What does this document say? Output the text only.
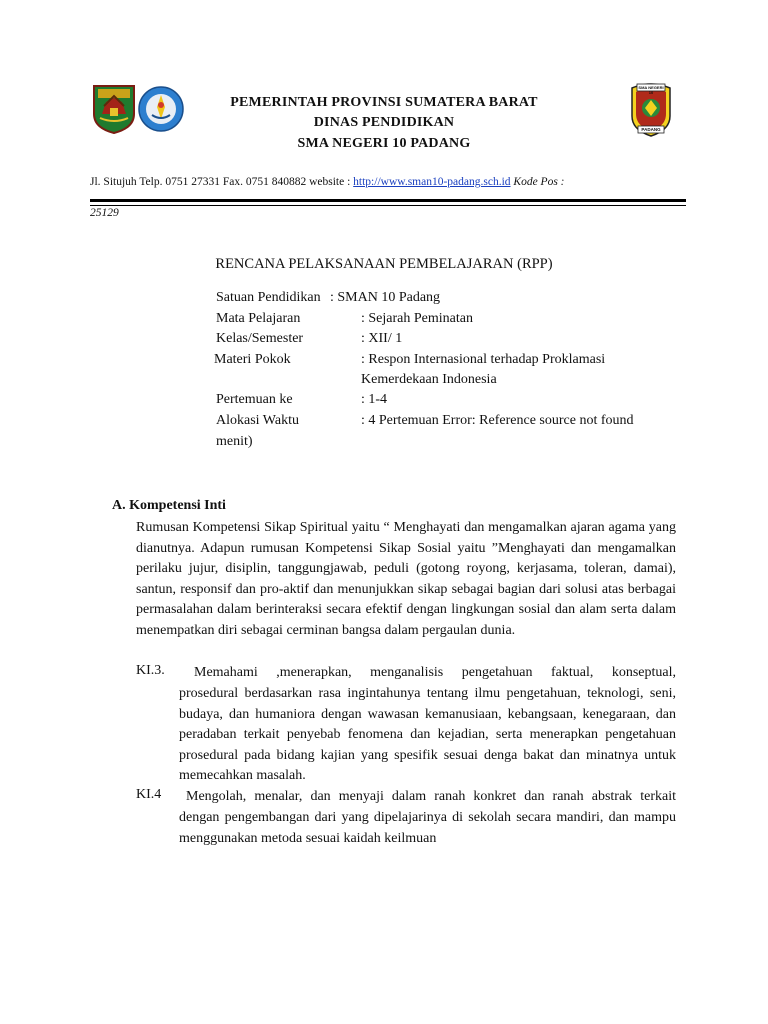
SMA NEGERI 10
PADANG
PEMERINTAH PROVINSI SUMATERA BARAT
DINAS PENDIDIKAN
SMA NEGERI 10 PADANG
Jl. Situjuh Telp. 0751 27331 Fax. 0751 840882 website : http://www.sman10-padang.sch.id Kode Pos :
25129
RENCANA PELAKSANAAN PEMBELAJARAN (RPP)
Satuan Pendidikan : SMAN 10 Padang
Mata Pelajaran	: Sejarah Peminatan
Kelas/Semester	: XII/ 1
Materi Pokok	: Respon Internasional terhadap Proklamasi
Kemerdekaan Indonesia
Pertemuan ke	: 1-4
Alokasi Waktu	: 4 Pertemuan Error: Reference source not found
menit)
A. Kompetensi Inti
Rumusan Kompetensi Sikap Spiritual yaitu “ Menghayati dan mengamalkan ajaran agama yang dianutnya. Adapun rumusan Kompetensi Sikap Sosial yaitu ”Menghayati dan mengamalkan perilaku jujur, disiplin, tanggungjawab, peduli (gotong royong, kerjasama, toleran, damai), santun, responsif dan pro-aktif dan menunjukkan sikap sebagai bagian dari solusi atas berbagai permasalahan dalam berinteraksi secara efektif dengan lingkungan sosial dan alam serta dalam menempatkan diri sebagai cerminan bangsa dalam pergaulan dunia.
KI.3. Memahami ,menerapkan, menganalisis pengetahuan faktual, konseptual,
prosedural berdasarkan rasa ingintahunya tentang ilmu pengetahuan, teknologi, seni, budaya, dan humaniora dengan wawasan kemanusiaan, kebangsaan, kenegaraan, dan peradaban terkait penyebab fenomena dan kejadian, serta menerapkan pengetahuan prosedural pada bidang kajian yang spesifik sesuai denga bakat dan minatnya untuk memecahkan masalah.
KI.4 Mengolah, menalar, dan menyaji dalam ranah konkret dan ranah abstrak terkait
dengan pengembangan dari yang dipelajarinya di sekolah secara mandiri, dan mampu menggunakan metoda sesuai kaidah keilmuan
